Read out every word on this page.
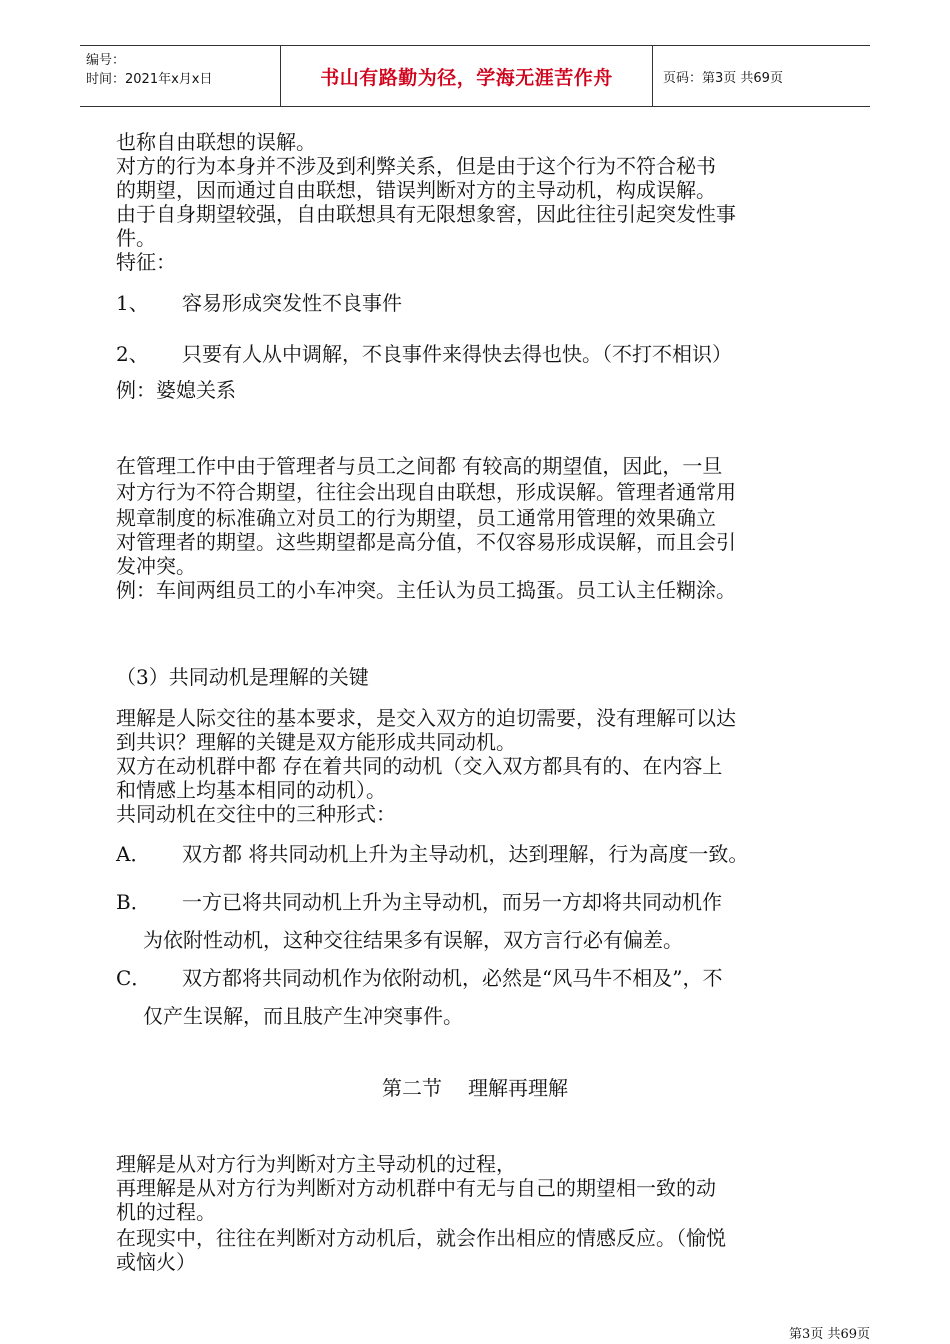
编号：
时间：2021年x月x日	书山有路勤为径，学海无涯苦作舟	页码：第3页 共69页
也称自由联想的误解。
对方的行为本身并不涉及到利弊关系，但是由于这个行为不符合秘书
的期望，因而通过自由联想，错误判断对方的主导动机，构成误解。
由于自身期望较强，自由联想具有无限想象窖，因此往往引起突发性事
件。
特征：
1、 容易形成突发性不良事件
2、 只要有人从中调解，不良事件来得快去得也快。（不打不相识）
例：婆媳关系
在管理工作中由于管理者与员工之间都 有较高的期望值，因此，一旦
对方行为不符合期望，往往会出现自由联想，形成误解。管理者通常用
规章制度的标准确立对员工的行为期望，员工通常用管理的效果确立
对管理者的期望。这些期望都是高分值，不仅容易形成误解，而且会引
发冲突。
例：车间两组员工的小车冲突。主任认为员工捣蛋。员工认主任糊涂。
（3）共同动机是理解的关键
理解是人际交往的基本要求，是交入双方的迫切需要，没有理解可以达
到共识？理解的关键是双方能形成共同动机。
双方在动机群中都 存在着共同的动机（交入双方都具有的、在内容上
和情感上均基本相同的动机）。
共同动机在交往中的三种形式：
A． 双方都 将共同动机上升为主导动机，达到理解，行为高度一致。
B． 一方已将共同动机上升为主导动机，而另一方却将共同动机作
为依附性动机，这种交往结果多有误解，双方言行必有偏差。
C． 双方都将共同动机作为依附动机，必然是“风马牛不相及”，不
仅产生误解，而且肢产生冲突事件。
第二节 理解再理解
理解是从对方行为判断对方主导动机的过程，
再理解是从对方行为判断对方动机群中有无与自己的期望相一致的动
机的过程。
在现实中，往往在判断对方动机后，就会作出相应的情感反应。（愉悦
或恼火）
第3页 共69页
